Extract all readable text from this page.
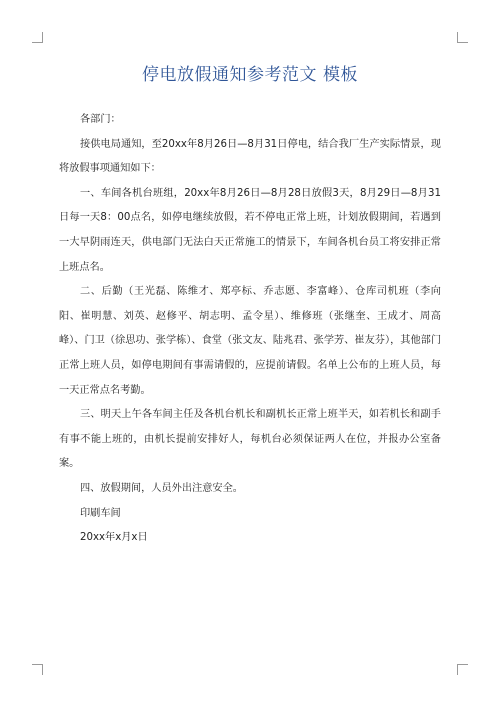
停电放假通知参考范文 模板

各部门：

接供电局通知，至20xx年8月26日—8月31日停电，结合我厂生产实际情景，现将放假事项通知如下：

一、车间各机台班组，20xx年8月26日—8月28日放假3天，8月29日—8月31日每一天8：00点名，如停电继续放假，若不停电正常上班，计划放假期间，若遇到一大早阴雨连天，供电部门无法白天正常施工的情景下，车间各机台员工将安排正常上班点名。

二、后勤（王光磊、陈维才、郑亭标、乔志愿、李富峰）、仓库司机班（李向阳、崔明慧、刘英、赵修平、胡志明、孟令星）、维修班（张继奎、王成才、周高峰）、门卫（徐思功、张学栋）、食堂（张文友、陆兆君、张学芳、崔友芬），其他部门正常上班人员，如停电期间有事需请假的，应提前请假。名单上公布的上班人员，每一天正常点名考勤。

三、明天上午各车间主任及各机台机长和副机长正常上班半天，如若机长和副手有事不能上班的，由机长提前安排好人，每机台必须保证两人在位，并报办公室备案。

四、放假期间，人员外出注意安全。

印刷车间

20xx年x月x日
